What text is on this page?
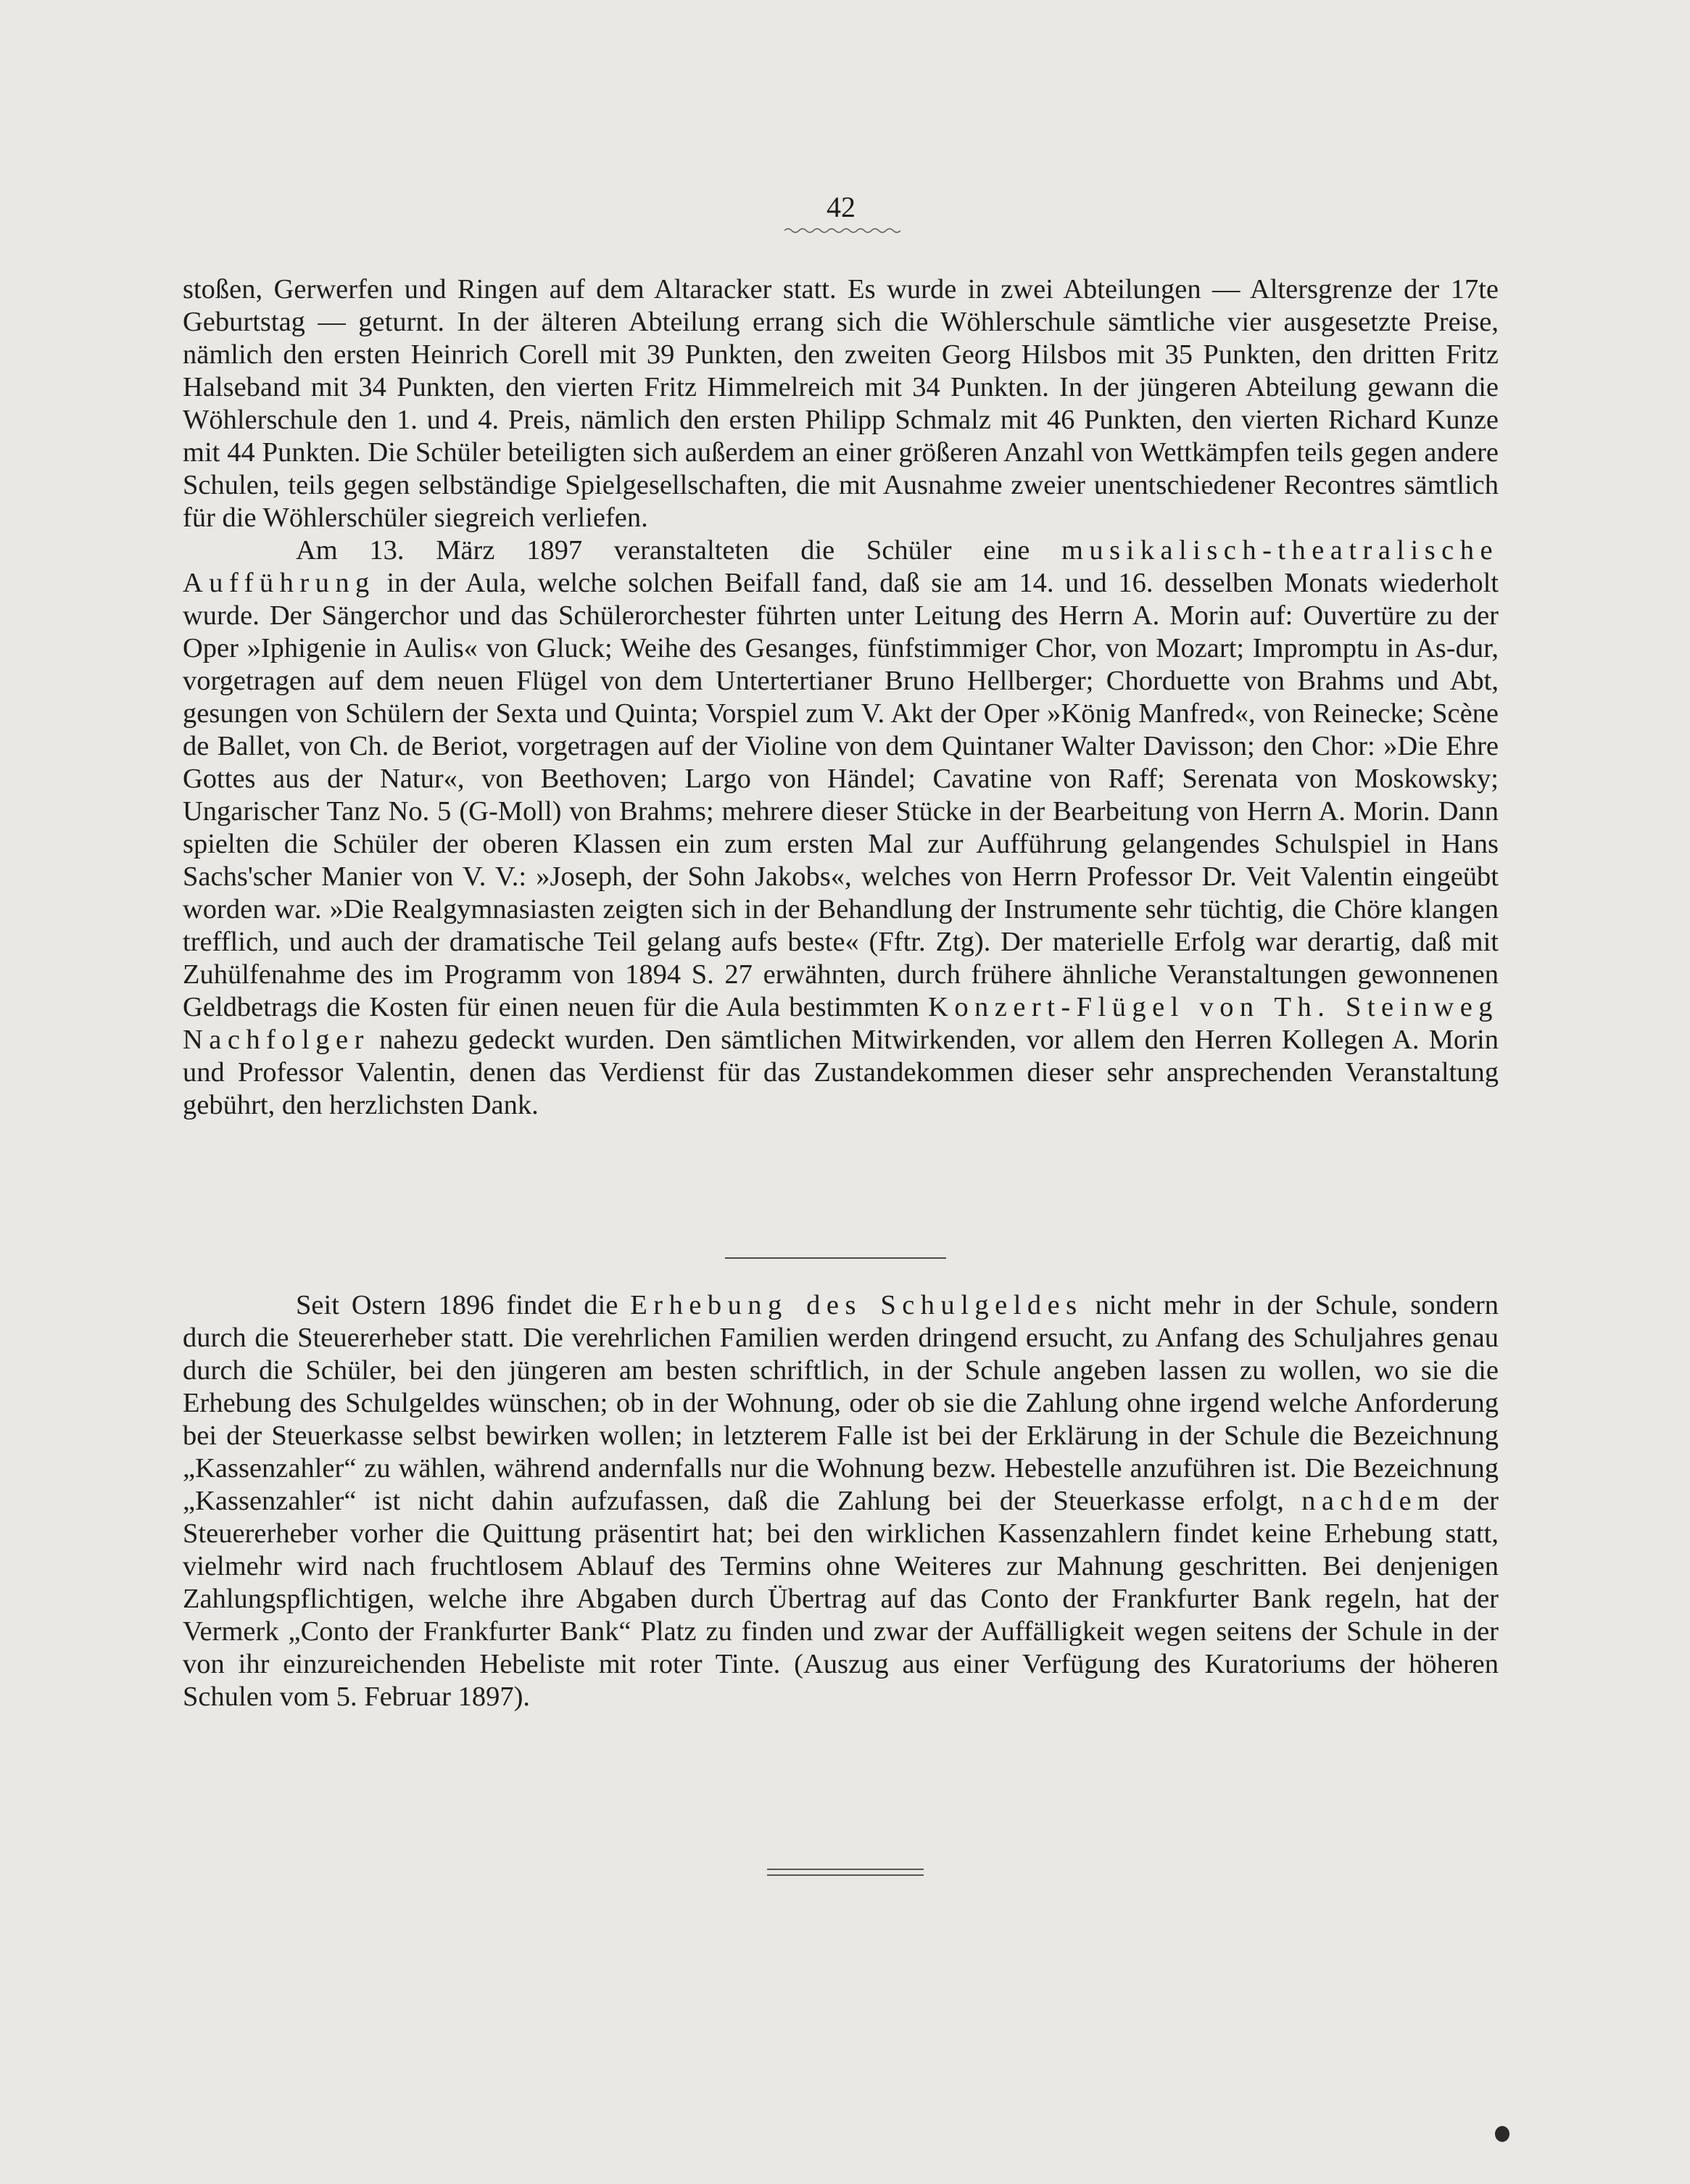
42

stoßen, Gerwerfen und Ringen auf dem Altaracker statt. Es wurde in zwei Abteilungen — Altersgrenze der 17te Geburtstag — geturnt. In der älteren Abteilung errang sich die Wöhlerschule sämtliche vier ausgesetzte Preise, nämlich den ersten Heinrich Corell mit 39 Punkten, den zweiten Georg Hilsbos mit 35 Punkten, den dritten Fritz Halseband mit 34 Punkten, den vierten Fritz Himmelreich mit 34 Punkten. In der jüngeren Abteilung gewann die Wöhlerschule den 1. und 4. Preis, nämlich den ersten Philipp Schmalz mit 46 Punkten, den vierten Richard Kunze mit 44 Punkten. Die Schüler beteiligten sich außerdem an einer größeren Anzahl von Wettkämpfen teils gegen andere Schulen, teils gegen selbständige Spielgesellschaften, die mit Ausnahme zweier unentschiedener Recontres sämtlich für die Wöhlerschüler siegreich verliefen.

Am 13. März 1897 veranstalteten die Schüler eine musikalisch-theatralische Aufführung in der Aula, welche solchen Beifall fand, daß sie am 14. und 16. desselben Monats wiederholt wurde. Der Sängerchor und das Schülerorchester führten unter Leitung des Herrn A. Morin auf: Ouvertüre zu der Oper »Iphigenie in Aulis« von Gluck; Weihe des Gesanges, fünfstimmiger Chor, von Mozart; Impromptu in As-dur, vorgetragen auf dem neuen Flügel von dem Untertertianer Bruno Hellberger; Chorduette von Brahms und Abt, gesungen von Schülern der Sexta und Quinta; Vorspiel zum V. Akt der Oper »König Manfred«, von Reinecke; Scène de Ballet, von Ch. de Beriot, vorgetragen auf der Violine von dem Quintaner Walter Davisson; den Chor: »Die Ehre Gottes aus der Natur«, von Beethoven; Largo von Händel; Cavatine von Raff; Serenata von Moskowsky; Ungarischer Tanz No. 5 (G-Moll) von Brahms; mehrere dieser Stücke in der Bearbeitung von Herrn A. Morin. Dann spielten die Schüler der oberen Klassen ein zum ersten Mal zur Aufführung gelangendes Schulspiel in Hans Sachs'scher Manier von V. V.: »Joseph, der Sohn Jakobs«, welches von Herrn Professor Dr. Veit Valentin eingeübt worden war. »Die Realgymnasiasten zeigten sich in der Behandlung der Instrumente sehr tüchtig, die Chöre klangen trefflich, und auch der dramatische Teil gelang aufs beste« (Fftr. Ztg). Der materielle Erfolg war derartig, daß mit Zuhülfenahme des im Programm von 1894 S. 27 erwähnten, durch frühere ähnliche Veranstaltungen gewonnenen Geldbetrags die Kosten für einen neuen für die Aula bestimmten Konzert-Flügel von Th. Steinweg Nachfolger nahezu gedeckt wurden. Den sämtlichen Mitwirkenden, vor allem den Herren Kollegen A. Morin und Professor Valentin, denen das Verdienst für das Zustandekommen dieser sehr ansprechenden Veranstaltung gebührt, den herzlichsten Dank.

Seit Ostern 1896 findet die Erhebung des Schulgeldes nicht mehr in der Schule, sondern durch die Steuererheber statt. Die verehrlichen Familien werden dringend ersucht, zu Anfang des Schuljahres genau durch die Schüler, bei den jüngeren am besten schriftlich, in der Schule angeben lassen zu wollen, wo sie die Erhebung des Schulgeldes wünschen; ob in der Wohnung, oder ob sie die Zahlung ohne irgend welche Anforderung bei der Steuerkasse selbst bewirken wollen; in letzterem Falle ist bei der Erklärung in der Schule die Bezeichnung „Kassenzahler“ zu wählen, während andernfalls nur die Wohnung bezw. Hebestelle anzuführen ist. Die Bezeichnung „Kassenzahler“ ist nicht dahin aufzufassen, daß die Zahlung bei der Steuerkasse erfolgt, nachdem der Steuererheber vorher die Quittung präsentirt hat; bei den wirklichen Kassenzahlern findet keine Erhebung statt, vielmehr wird nach fruchtlosem Ablauf des Termins ohne Weiteres zur Mahnung geschritten. Bei denjenigen Zahlungspflichtigen, welche ihre Abgaben durch Übertrag auf das Conto der Frankfurter Bank regeln, hat der Vermerk „Conto der Frankfurter Bank“ Platz zu finden und zwar der Auffälligkeit wegen seitens der Schule in der von ihr einzureichenden Hebeliste mit roter Tinte. (Auszug aus einer Verfügung des Kuratoriums der höheren Schulen vom 5. Februar 1897).
